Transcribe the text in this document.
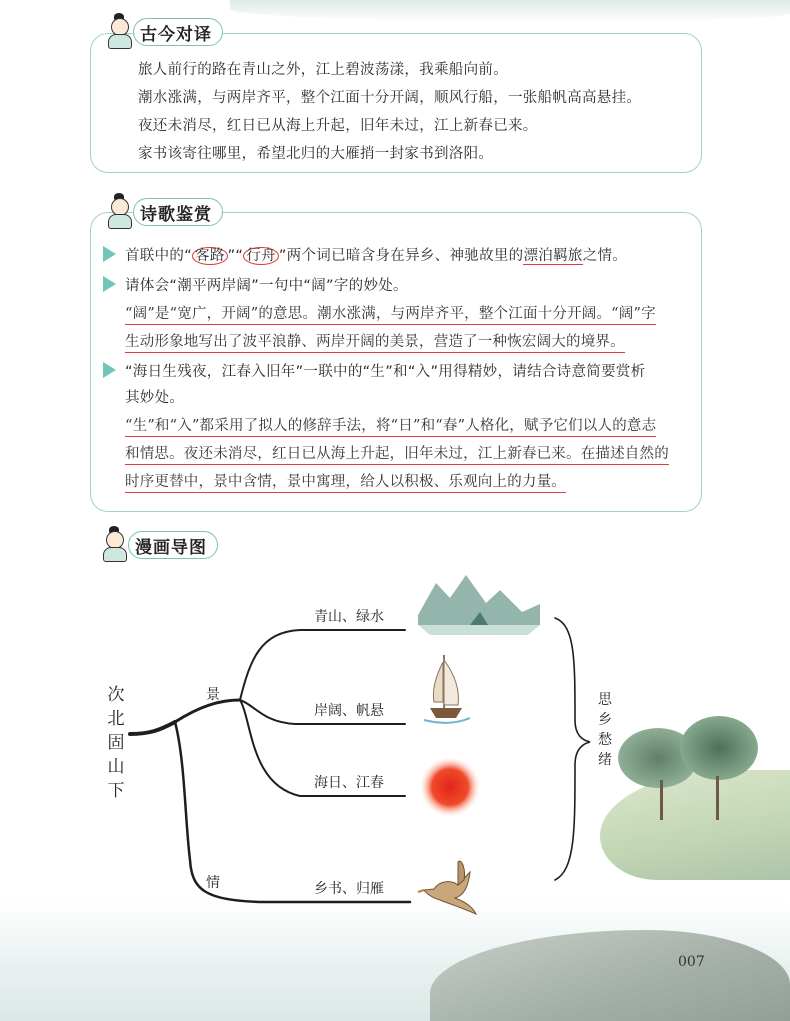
古今对译
旅人前行的路在青山之外，江上碧波荡漾，我乘船向前。
潮水涨满，与两岸齐平，整个江面十分开阔，顺风行船，一张船帆高高悬挂。
夜还未消尽，红日已从海上升起，旧年未过，江上新春已来。
家书该寄往哪里，希望北归的大雁捎一封家书到洛阳。
诗歌鉴赏
首联中的“ 客路 ”“ 行舟 ”两个词已暗含身在异乡、神驰故里的漂泊羁旅之情。
请体会“潮平两岸阔”一句中“阔”字的妙处。
“阔”是“宽广，开阔”的意思。潮水涨满，与两岸齐平，整个江面十分开阔。“阔”字
生动形象地写出了波平浪静、两岸开阔的美景，营造了一种恢宏阔大的境界。
“海日生残夜，江春入旧年”一联中的“生”和“入”用得精妙，请结合诗意简要赏析
其妙处。
“生”和“入”都采用了拟人的修辞手法，将“日”和“春”人格化，赋予它们以人的意志
和情思。夜还未消尽，红日已从海上升起，旧年未过，江上新春已来。在描述自然的
时序更替中，景中含情，景中寓理，给人以积极、乐观向上的力量。
漫画导图
次北固山下
景
情
青山、绿水
岸阔、帆悬
海日、江春
乡书、归雁
思乡愁绪
007
